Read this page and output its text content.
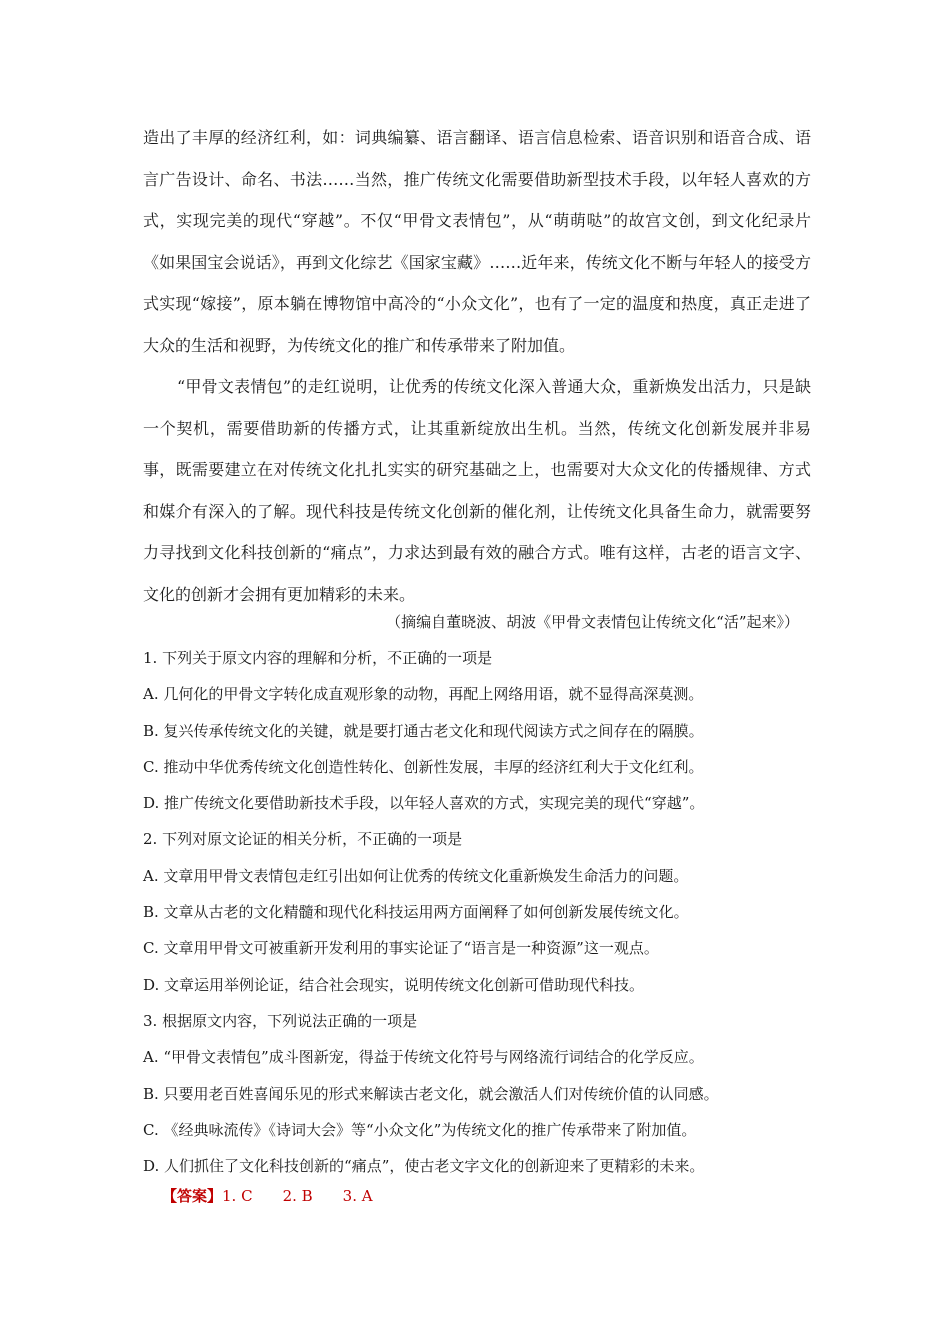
造出了丰厚的经济红利，如：词典编纂、语言翻译、语言信息检索、语音识别和语音合成、语言广告设计、命名、书法……当然，推广传统文化需要借助新型技术手段，以年轻人喜欢的方式，实现完美的现代“穿越”。不仅“甲骨文表情包”，从“萌萌哒”的故宫文创，到文化纪录片《如果国宝会说话》，再到文化综艺《国家宝藏》……近年来，传统文化不断与年轻人的接受方式实现“嫁接”，原本躺在博物馆中高冷的“小众文化”，也有了一定的温度和热度，真正走进了大众的生活和视野，为传统文化的推广和传承带来了附加值。

“甲骨文表情包”的走红说明，让优秀的传统文化深入普通大众，重新焕发出活力，只是缺一个契机，需要借助新的传播方式，让其重新绽放出生机。当然，传统文化创新发展并非易事，既需要建立在对传统文化扎扎实实的研究基础之上，也需要对大众文化的传播规律、方式和媒介有深入的了解。现代科技是传统文化创新的催化剂，让传统文化具备生命力，就需要努力寻找到文化科技创新的“痛点”，力求达到最有效的融合方式。唯有这样，古老的语言文字、文化的创新才会拥有更加精彩的未来。

（摘编自董晓波、胡波《甲骨文表情包让传统文化“活”起来》）

1. 下列关于原文内容的理解和分析，不正确的一项是
A. 几何化的甲骨文字转化成直观形象的动物，再配上网络用语，就不显得高深莫测。
B. 复兴传承传统文化的关键，就是要打通古老文化和现代阅读方式之间存在的隔膜。
C. 推动中华优秀传统文化创造性转化、创新性发展，丰厚的经济红利大于文化红利。
D. 推广传统文化要借助新技术手段，以年轻人喜欢的方式，实现完美的现代“穿越”。
2. 下列对原文论证的相关分析，不正确的一项是
A. 文章用甲骨文表情包走红引出如何让优秀的传统文化重新焕发生命活力的问题。
B. 文章从古老的文化精髓和现代化科技运用两方面阐释了如何创新发展传统文化。
C. 文章用甲骨文可被重新开发利用的事实论证了“语言是一种资源”这一观点。
D. 文章运用举例论证，结合社会现实，说明传统文化创新可借助现代科技。
3. 根据原文内容，下列说法正确的一项是
A. “甲骨文表情包”成斗图新宠，得益于传统文化符号与网络流行词结合的化学反应。
B. 只要用老百姓喜闻乐见的形式来解读古老文化，就会激活人们对传统价值的认同感。
C. 《经典咏流传》《诗词大会》等“小众文化”为传统文化的推广传承带来了附加值。
D. 人们抓住了文化科技创新的“痛点”，使古老文字文化的创新迎来了更精彩的未来。

【答案】1. C　　2. B　　3. A
